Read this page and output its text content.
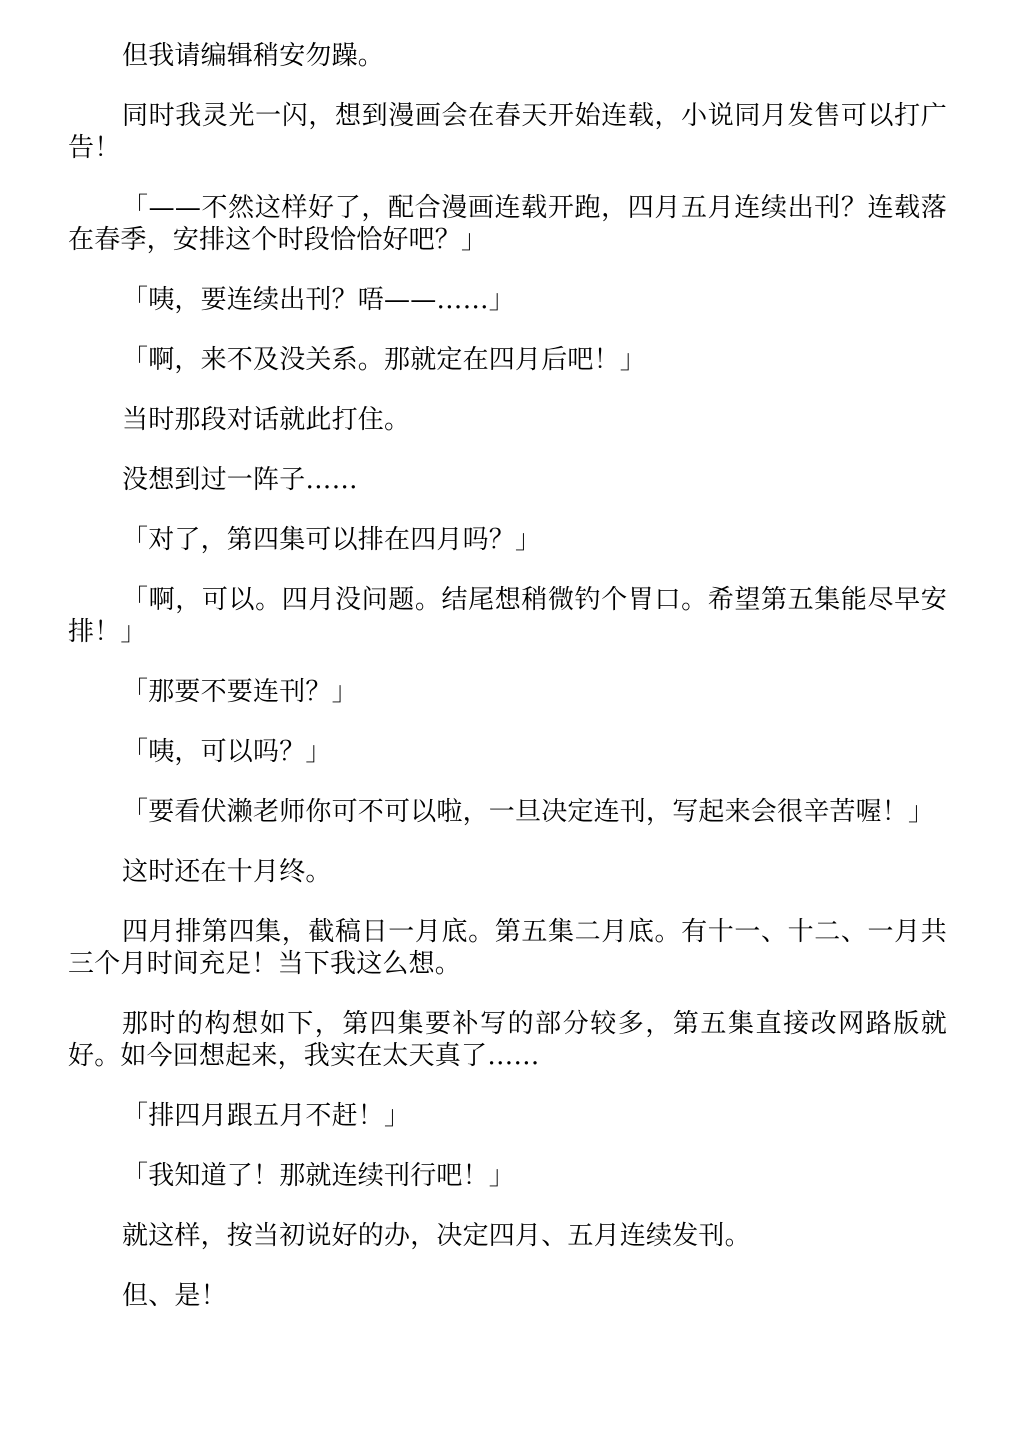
但我请编辑稍安勿躁。

同时我灵光一闪，想到漫画会在春天开始连载，小说同月发售可以打广告！

「——不然这样好了，配合漫画连载开跑，四月五月连续出刊？连载落在春季，安排这个时段恰恰好吧？」

「咦，要连续出刊？唔——……」

「啊，来不及没关系。那就定在四月后吧！」

当时那段对话就此打住。

没想到过一阵子……

「对了，第四集可以排在四月吗？」

「啊，可以。四月没问题。结尾想稍微钓个胃口。希望第五集能尽早安排！」

「那要不要连刊？」

「咦，可以吗？」

「要看伏濑老师你可不可以啦，一旦决定连刊，写起来会很辛苦喔！」

这时还在十月终。

四月排第四集，截稿日一月底。第五集二月底。有十一、十二、一月共三个月时间充足！当下我这么想。

那时的构想如下，第四集要补写的部分较多，第五集直接改网路版就好。如今回想起来，我实在太天真了……

「排四月跟五月不赶！」

「我知道了！那就连续刊行吧！」

就这样，按当初说好的办，决定四月、五月连续发刊。

但、是！
